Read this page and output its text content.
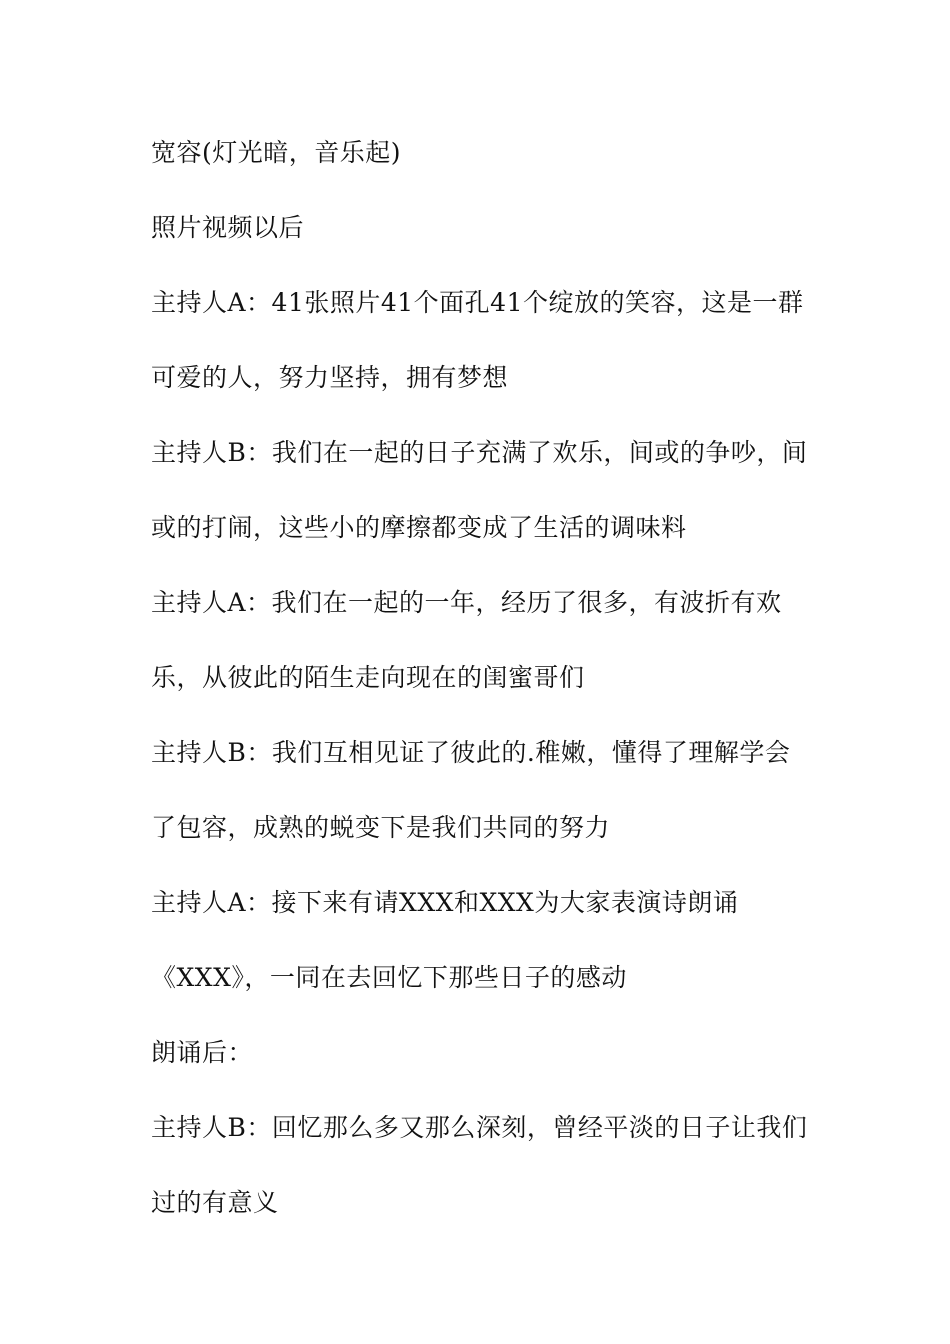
宽容(灯光暗，音乐起)
照片视频以后
主持人A：41张照片41个面孔41个绽放的笑容，这是一群
可爱的人，努力坚持，拥有梦想
主持人B：我们在一起的日子充满了欢乐，间或的争吵，间
或的打闹，这些小的摩擦都变成了生活的调味料
主持人A：我们在一起的一年，经历了很多，有波折有欢
乐，从彼此的陌生走向现在的闺蜜哥们
主持人B：我们互相见证了彼此的.稚嫩，懂得了理解学会
了包容，成熟的蜕变下是我们共同的努力
主持人A：接下来有请XXX和XXX为大家表演诗朗诵
《XXX》，一同在去回忆下那些日子的感动
朗诵后：
主持人B：回忆那么多又那么深刻，曾经平淡的日子让我们
过的有意义
